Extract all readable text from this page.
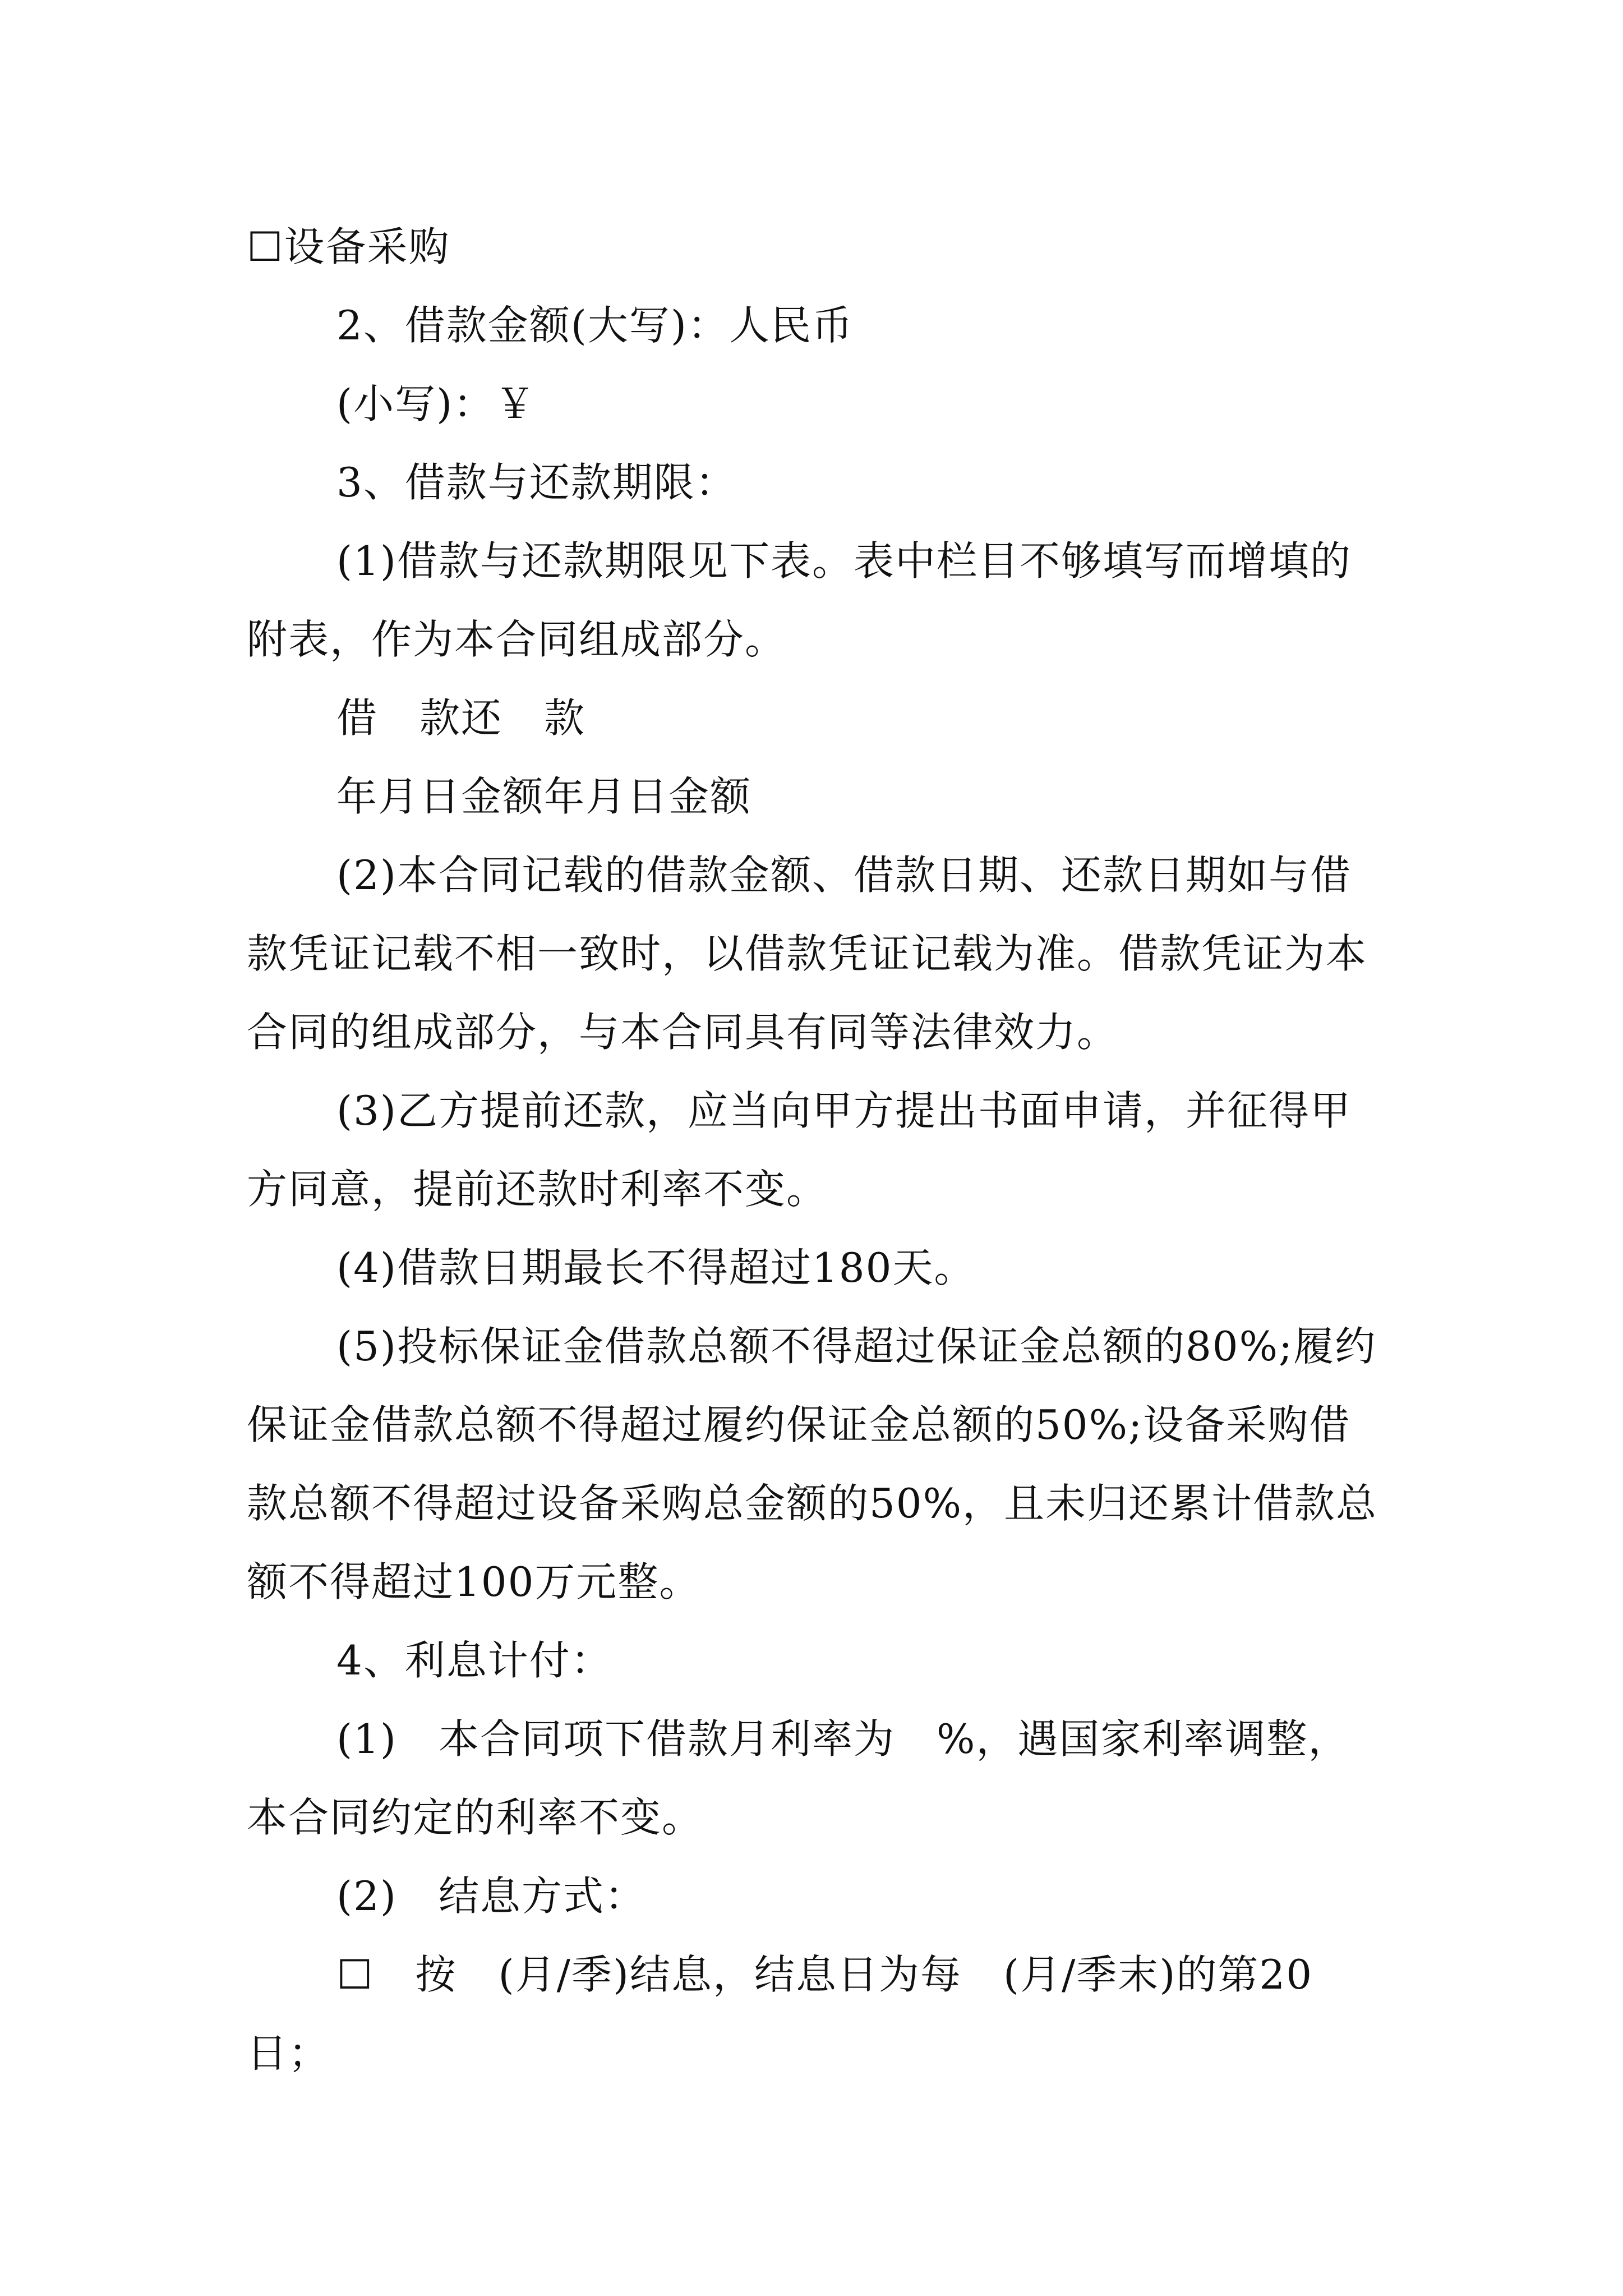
☐设备采购
2、借款金额(大写)：人民币
(小写)：￥
3、借款与还款期限：
(1)借款与还款期限见下表。表中栏目不够填写而增填的附表，作为本合同组成部分。
借　款还　款
年月日金额年月日金额
(2)本合同记载的借款金额、借款日期、还款日期如与借款凭证记载不相一致时，以借款凭证记载为准。借款凭证为本合同的组成部分，与本合同具有同等法律效力。
(3)乙方提前还款，应当向甲方提出书面申请，并征得甲方同意，提前还款时利率不变。
(4)借款日期最长不得超过180天。
(5)投标保证金借款总额不得超过保证金总额的80%;履约保证金借款总额不得超过履约保证金总额的50%;设备采购借款总额不得超过设备采购总金额的50%，且未归还累计借款总额不得超过100万元整。
4、利息计付：
(1)　本合同项下借款月利率为　%，遇国家利率调整，本合同约定的利率不变。
(2)　结息方式：
☐　按　(月/季)结息，结息日为每　(月/季末)的第20日；
